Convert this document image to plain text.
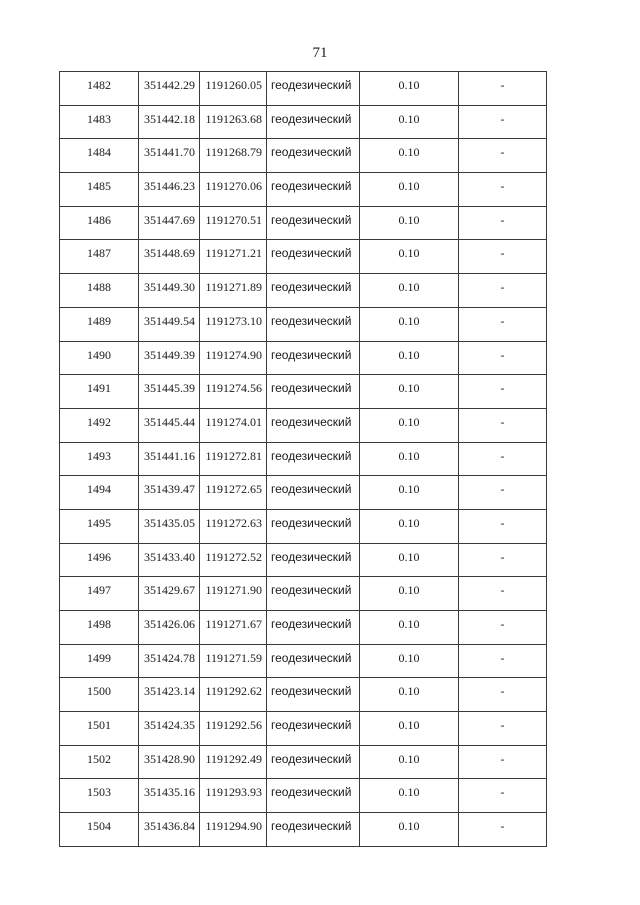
71
1482	351442.29	1191260.05	геодезический	0.10	-
1483	351442.18	1191263.68	геодезический	0.10	-
1484	351441.70	1191268.79	геодезический	0.10	-
1485	351446.23	1191270.06	геодезический	0.10	-
1486	351447.69	1191270.51	геодезический	0.10	-
1487	351448.69	1191271.21	геодезический	0.10	-
1488	351449.30	1191271.89	геодезический	0.10	-
1489	351449.54	1191273.10	геодезический	0.10	-
1490	351449.39	1191274.90	геодезический	0.10	-
1491	351445.39	1191274.56	геодезический	0.10	-
1492	351445.44	1191274.01	геодезический	0.10	-
1493	351441.16	1191272.81	геодезический	0.10	-
1494	351439.47	1191272.65	геодезический	0.10	-
1495	351435.05	1191272.63	геодезический	0.10	-
1496	351433.40	1191272.52	геодезический	0.10	-
1497	351429.67	1191271.90	геодезический	0.10	-
1498	351426.06	1191271.67	геодезический	0.10	-
1499	351424.78	1191271.59	геодезический	0.10	-
1500	351423.14	1191292.62	геодезический	0.10	-
1501	351424.35	1191292.56	геодезический	0.10	-
1502	351428.90	1191292.49	геодезический	0.10	-
1503	351435.16	1191293.93	геодезический	0.10	-
1504	351436.84	1191294.90	геодезический	0.10	-
